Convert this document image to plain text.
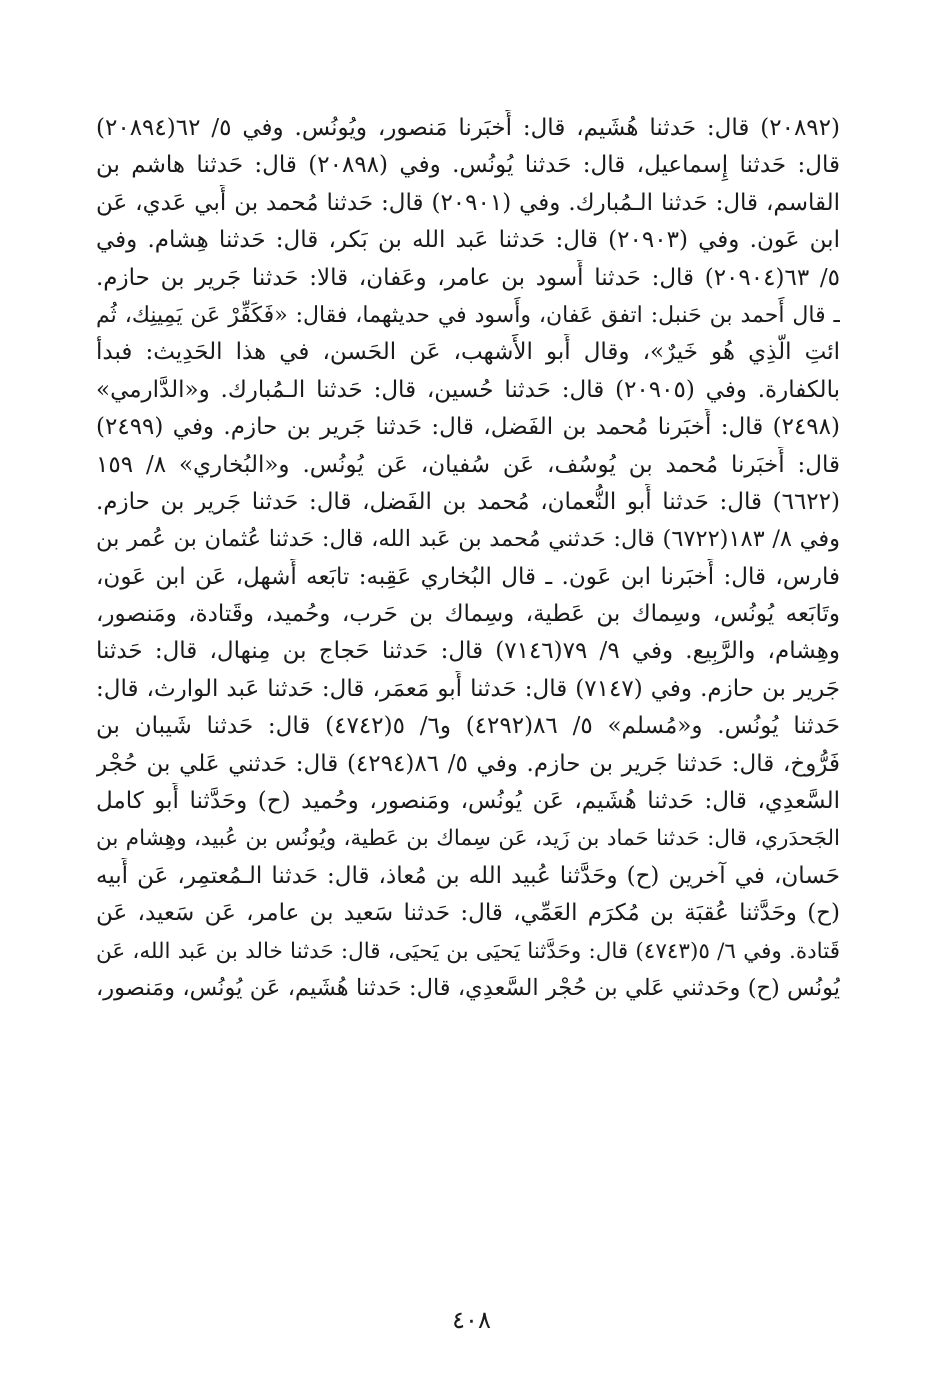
(٢٠٨٩٢) قال: حَدثنا هُشَيم، قال: أَخبَرنا مَنصور، ويُونُس. وفي ٥/ ٦٢(٢٠٨٩٤)
قال: حَدثنا إِسماعيل، قال: حَدثنا يُونُس. وفي (٢٠٨٩٨) قال: حَدثنا هاشم بن
القاسم، قال: حَدثنا الـمُبارك. وفي (٢٠٩٠١) قال: حَدثنا مُحمد بن أَبي عَدي، عَن
ابن عَون. وفي (٢٠٩٠٣) قال: حَدثنا عَبد الله بن بَكر، قال: حَدثنا هِشام. وفي
٥/ ٦٣(٢٠٩٠٤) قال: حَدثنا أَسود بن عامر، وعَفان، قالا: حَدثنا جَرير بن حازم.
ـ قال أَحمد بن حَنبل: اتفق عَفان، وأَسود في حديثهما، فقال: «فَكَفِّرْ عَن يَمِينِك، ثُم
ائتِ الَّذِي هُو خَيرٌ»، وقال أَبو الأَشهب، عَن الحَسن، في هذا الحَدِيث: فبدأ
بالكفارة. وفي (٢٠٩٠٥) قال: حَدثنا حُسين، قال: حَدثنا الـمُبارك. و«الدَّارمي»
(٢٤٩٨) قال: أَخبَرنا مُحمد بن الفَضل، قال: حَدثنا جَرير بن حازم. وفي (٢٤٩٩)
قال: أَخبَرنا مُحمد بن يُوسُف، عَن سُفيان، عَن يُونُس. و«البُخاري» ٨/ ١٥٩
(٦٦٢٢) قال: حَدثنا أَبو النُّعمان، مُحمد بن الفَضل، قال: حَدثنا جَرير بن حازم.
وفي ٨/ ١٨٣(٦٧٢٢) قال: حَدثني مُحمد بن عَبد الله، قال: حَدثنا عُثمان بن عُمر بن
فارس، قال: أَخبَرنا ابن عَون. ـ قال البُخاري عَقِبه: تابَعه أَشهل، عَن ابن عَون،
وتَابَعه يُونُس، وسِماك بن عَطية، وسِماك بن حَرب، وحُميد، وقَتادة، ومَنصور،
وهِشام، والرَّبِيع. وفي ٩/ ٧٩(٧١٤٦) قال: حَدثنا حَجاج بن مِنهال، قال: حَدثنا
جَرير بن حازم. وفي (٧١٤٧) قال: حَدثنا أَبو مَعمَر، قال: حَدثنا عَبد الوارث، قال:
حَدثنا يُونُس. و«مُسلم» ٥/ ٨٦(٤٢٩٢) و٦/ ٥(٤٧٤٢) قال: حَدثنا شَيبان بن
فَرُّوخ، قال: حَدثنا جَرير بن حازم. وفي ٥/ ٨٦(٤٢٩٤) قال: حَدثني عَلي بن حُجْر
السَّعدِي، قال: حَدثنا هُشَيم، عَن يُونُس، ومَنصور، وحُميد (ح) وحَدَّثنا أَبو كامل
الجَحدَري، قال: حَدثنا حَماد بن زَيد، عَن سِماك بن عَطية، ويُونُس بن عُبيد، وهِشام بن
حَسان، في آخرين (ح) وحَدَّثنا عُبيد الله بن مُعاذ، قال: حَدثنا الـمُعتمِر، عَن أَبيه
(ح) وحَدَّثنا عُقبَة بن مُكرَم العَمِّي، قال: حَدثنا سَعيد بن عامر، عَن سَعيد، عَن
قَتادة. وفي ٦/ ٥(٤٧٤٣) قال: وحَدَّثنا يَحيَى بن يَحيَى، قال: حَدثنا خالد بن عَبد الله، عَن
يُونُس (ح) وحَدثني عَلي بن حُجْر السَّعدِي، قال: حَدثنا هُشَيم، عَن يُونُس، ومَنصور،
٤٠٨
